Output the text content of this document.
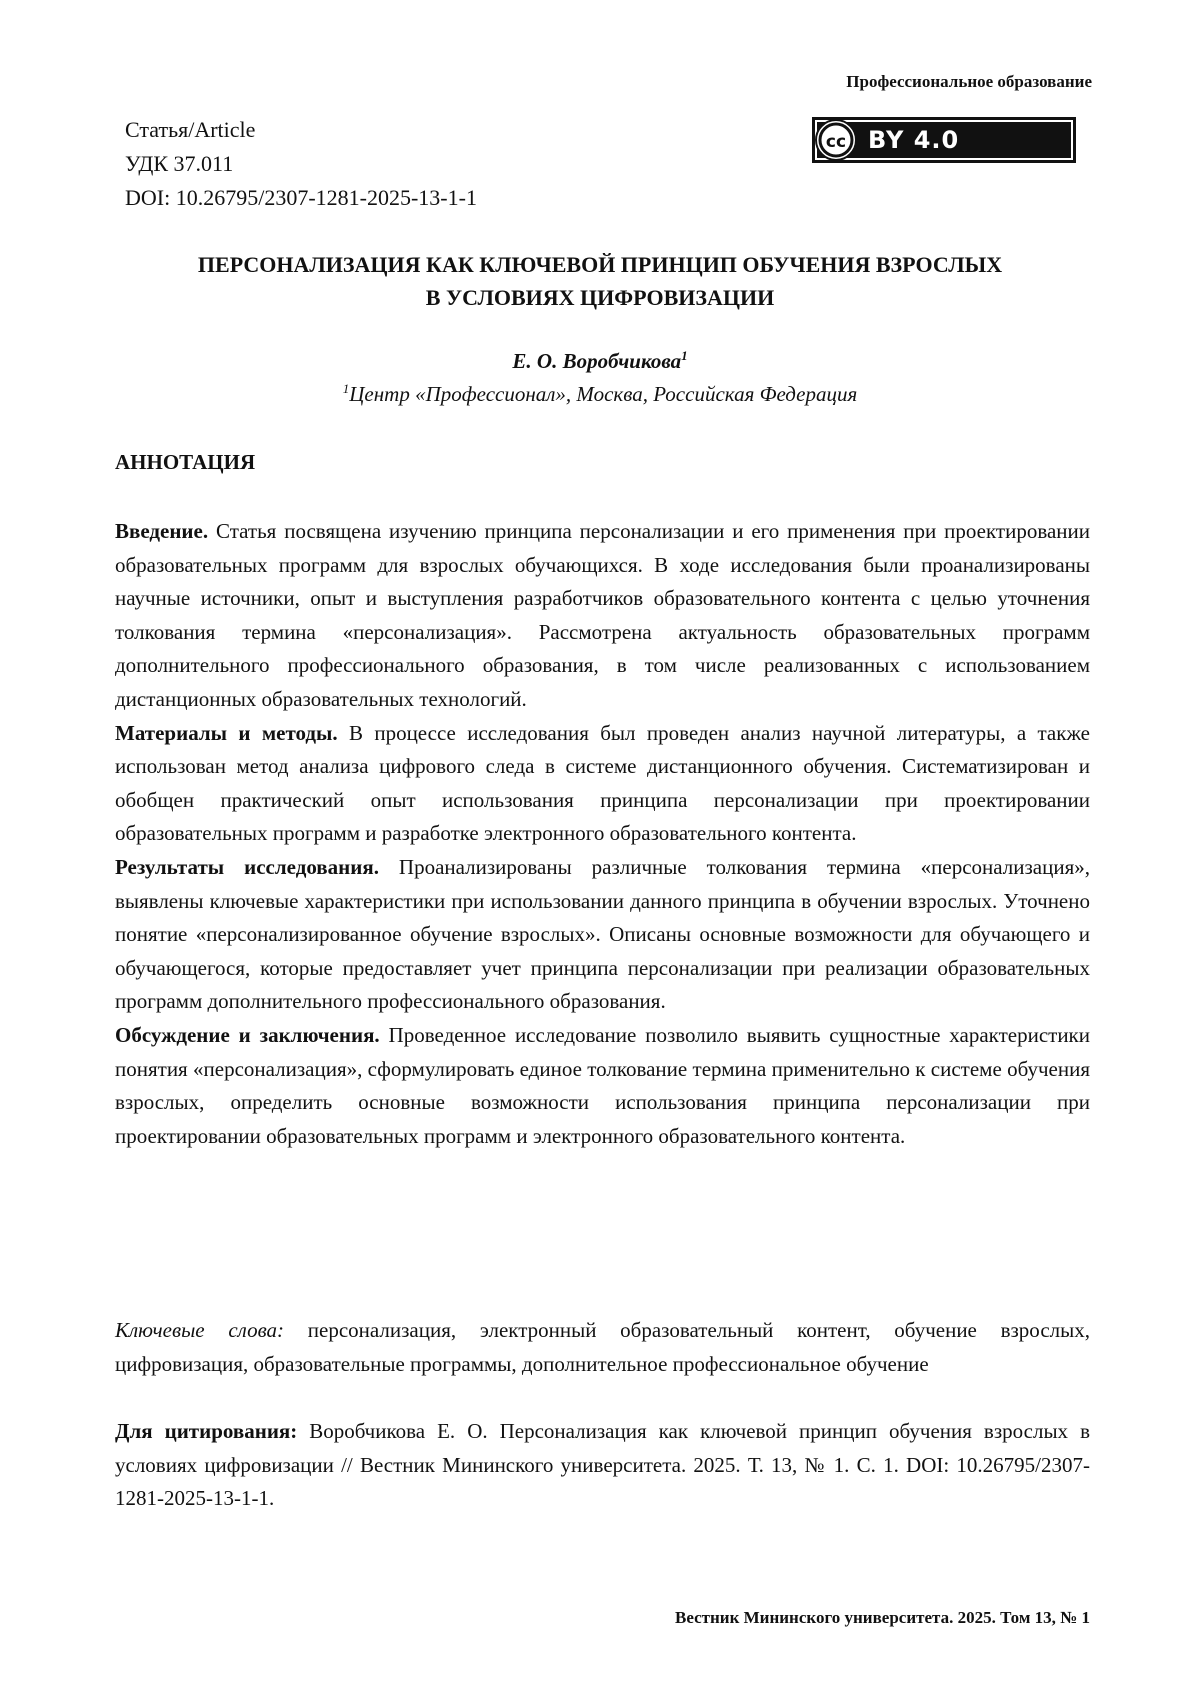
Профессиональное образование
Статья/Article
УДК 37.011
DOI: 10.26795/2307-1281-2025-13-1-1
cc BY 4.0
ПЕРСОНАЛИЗАЦИЯ КАК КЛЮЧЕВОЙ ПРИНЦИП ОБУЧЕНИЯ ВЗРОСЛЫХ
В УСЛОВИЯХ ЦИФРОВИЗАЦИИ
Е. О. Воробчикова1
1Центр «Профессионал», Москва, Российская Федерация
АННОТАЦИЯ

Введение. Статья посвящена изучению принципа персонализации и его применения при проектировании образовательных программ для взрослых обучающихся. В ходе исследования были проанализированы научные источники, опыт и выступления разработчиков образовательного контента с целью уточнения толкования термина «персонализация». Рассмотрена актуальность образовательных программ дополнительного профессионального образования, в том числе реализованных с использованием дистанционных образовательных технологий.

Материалы и методы. В процессе исследования был проведен анализ научной литературы, а также использован метод анализа цифрового следа в системе дистанционного обучения. Систематизирован и обобщен практический опыт использования принципа персонализации при проектировании образовательных программ и разработке электронного образовательного контента.

Результаты исследования. Проанализированы различные толкования термина «персонализация», выявлены ключевые характеристики при использовании данного принципа в обучении взрослых. Уточнено понятие «персонализированное обучение взрослых». Описаны основные возможности для обучающего и обучающегося, которые предоставляет учет принципа персонализации при реализации образовательных программ дополнительного профессионального образования.

Обсуждение и заключения. Проведенное исследование позволило выявить сущностные характеристики понятия «персонализация», сформулировать единое толкование термина применительно к системе обучения взрослых, определить основные возможности использования принципа персонализации при проектировании образовательных программ и электронного образовательного контента.

Ключевые слова: персонализация, электронный образовательный контент, обучение взрослых, цифровизация, образовательные программы, дополнительное профессиональное обучение

Для цитирования: Воробчикова Е. О. Персонализация как ключевой принцип обучения взрослых в условиях цифровизации // Вестник Мининского университета. 2025. Т. 13, № 1. С. 1. DOI: 10.26795/2307-1281-2025-13-1-1.

Вестник Мининского университета. 2025. Том 13, № 1
